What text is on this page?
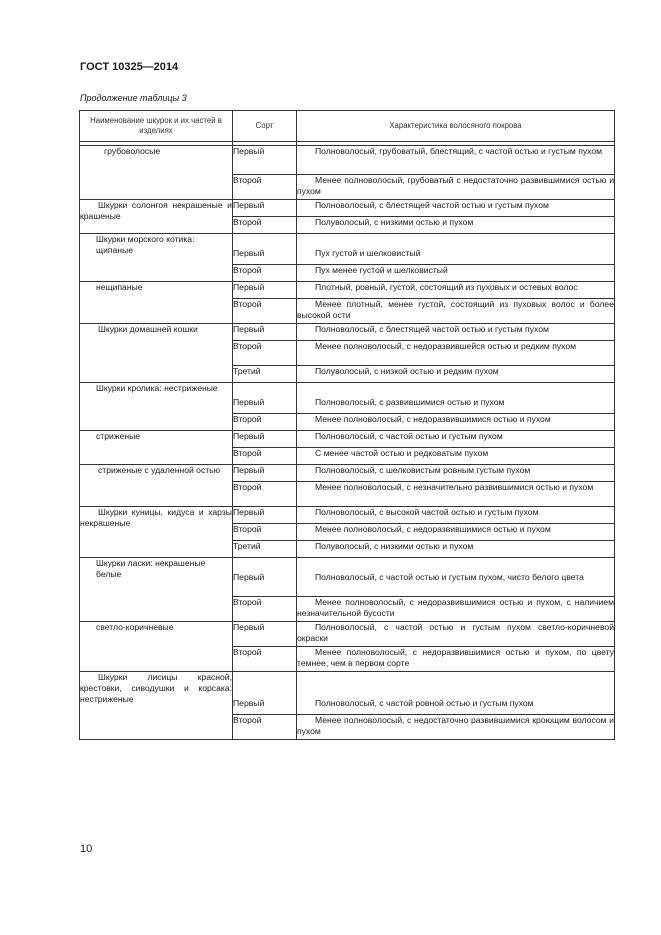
ГОСТ 10325—2014
Продолжение таблицы 3
Наименование шкурок и их частей в изделиях	Сорт	Характеристика волосяного покрова

грубоволосые	Первый	Полноволосый, грубоватый, блестящий, с частой остью и густым пухом
	Второй	Менее полноволосый, грубоватый с недостаточно развившимися остью и пухом
Шкурки солонгоя некрашеные и крашеные	Первый	Полноволосый, с блестящей частой остью и густым пухом
	Второй	Полуволосый, с низкими остью и пухом
Шкурки морского котика: щипаные	Первый	Пух густой и шелковистый
	Второй	Пух менее густой и шелковистый
нещипаные	Первый	Плотный, ровный, густой, состоящий из пуховых и остевых волос
	Второй	Менее плотный, менее густой, состоящий из пуховых волос и более высокой ости
Шкурки домашней кошки	Первый	Полноволосый, с блестящей частой остью и густым пухом
	Второй	Менее полноволосый, с недоразвившейся остью и редким пухом
	Третий	Полуволосый, с низкой остью и редким пухом
Шкурки кролика: нестриженые	Первый	Полноволосый, с развившимися остью и пухом
	Второй	Менее полноволосый, с недоразвившимися остью и пухом
стриженые	Первый	Полноволосый, с частой остью и густым пухом
	Второй	С менее частой остью и редковатым пухом
стриженые с удаленной остью	Первый	Полноволосый, с шелковистым ровным густым пухом
	Второй	Менее полноволосый, с незначительно развившимися остью и пухом
Шкурки куницы, кидуса и харзы некрашеные	Первый	Полноволосый, с высокой частой остью и густым пухом
	Второй	Менее полноволосый, с недоразвившимися остью и пухом
	Третий	Полуволосый, с низкими остью и пухом
Шкурки ласки: некрашеные белые	Первый	Полноволосый, с частой остью и густым пухом, чисто белого цвета
	Второй	Менее полноволосый, с недоразвившимися остью и пухом, с наличием незначительной бусости
светло-коричневые	Первый	Полноволосый, с частой остью и густым пухом светло-коричневой окраски
	Второй	Менее полноволосый, с недоразвившимися остью и пухом, по цвету темнее, чем в первом сорте
Шкурки лисицы красной, крестовки, сиводушки и корсака: нестриженые	Первый	Полноволосый, с частой ровной остью и густым пухом
	Второй	Менее полноволосый, с недостаточно развившимися кроющим волосом и пухом
10
